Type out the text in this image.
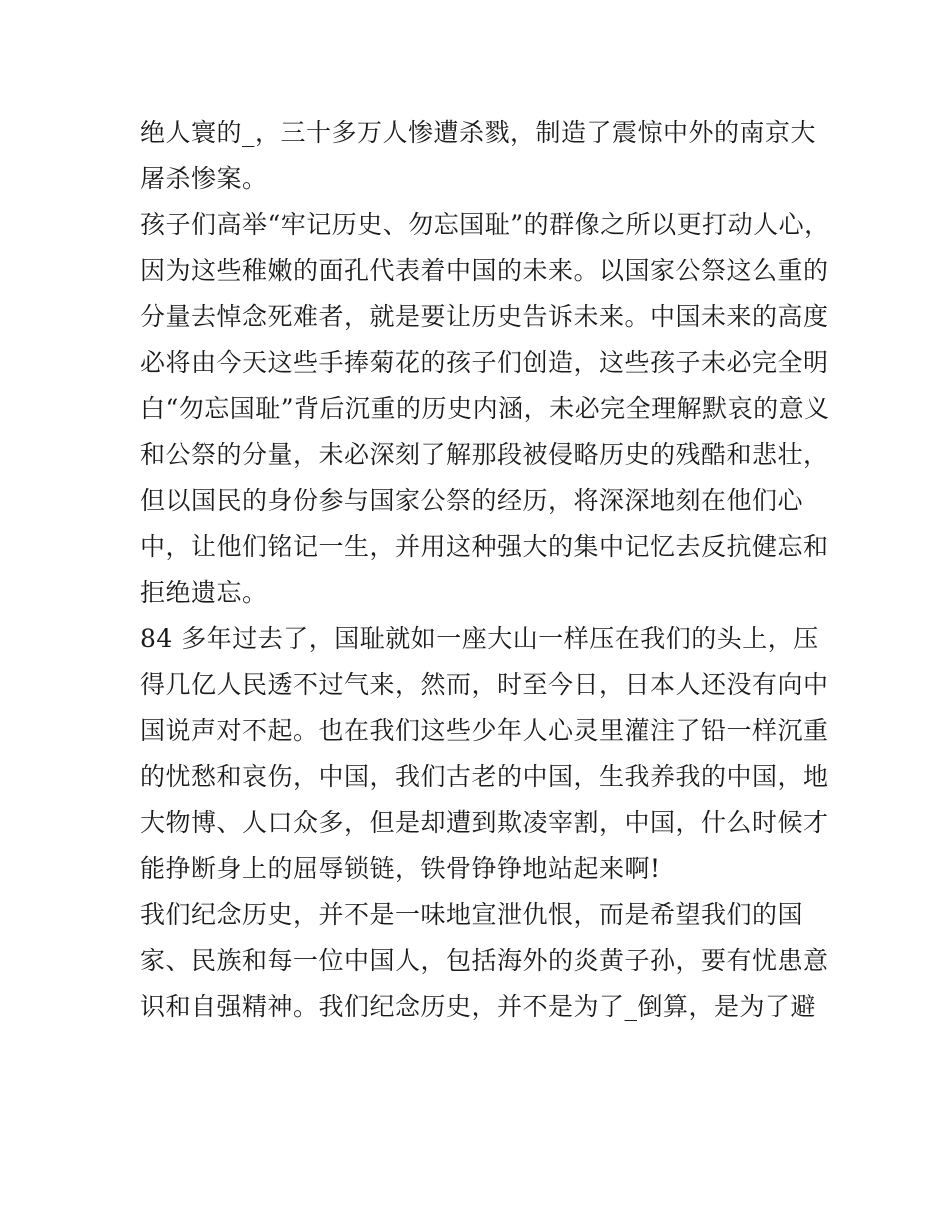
绝人寰的_，三十多万人惨遭杀戮，制造了震惊中外的南京大
屠杀惨案。
孩子们高举“牢记历史、勿忘国耻”的群像之所以更打动人心，
因为这些稚嫩的面孔代表着中国的未来。以国家公祭这么重的
分量去悼念死难者，就是要让历史告诉未来。中国未来的高度
必将由今天这些手捧菊花的孩子们创造，这些孩子未必完全明
白“勿忘国耻”背后沉重的历史内涵，未必完全理解默哀的意义
和公祭的分量，未必深刻了解那段被侵略历史的残酷和悲壮，
但以国民的身份参与国家公祭的经历，将深深地刻在他们心
中，让他们铭记一生，并用这种强大的集中记忆去反抗健忘和
拒绝遗忘。
84 多年过去了，国耻就如一座大山一样压在我们的头上，压
得几亿人民透不过气来，然而，时至今日，日本人还没有向中
国说声对不起。也在我们这些少年人心灵里灌注了铅一样沉重
的忧愁和哀伤，中国，我们古老的中国，生我养我的中国，地
大物博、人口众多，但是却遭到欺凌宰割，中国，什么时候才
能挣断身上的屈辱锁链，铁骨铮铮地站起来啊!
我们纪念历史，并不是一味地宣泄仇恨，而是希望我们的国
家、民族和每一位中国人，包括海外的炎黄子孙，要有忧患意
识和自强精神。我们纪念历史，并不是为了_倒算，是为了避
